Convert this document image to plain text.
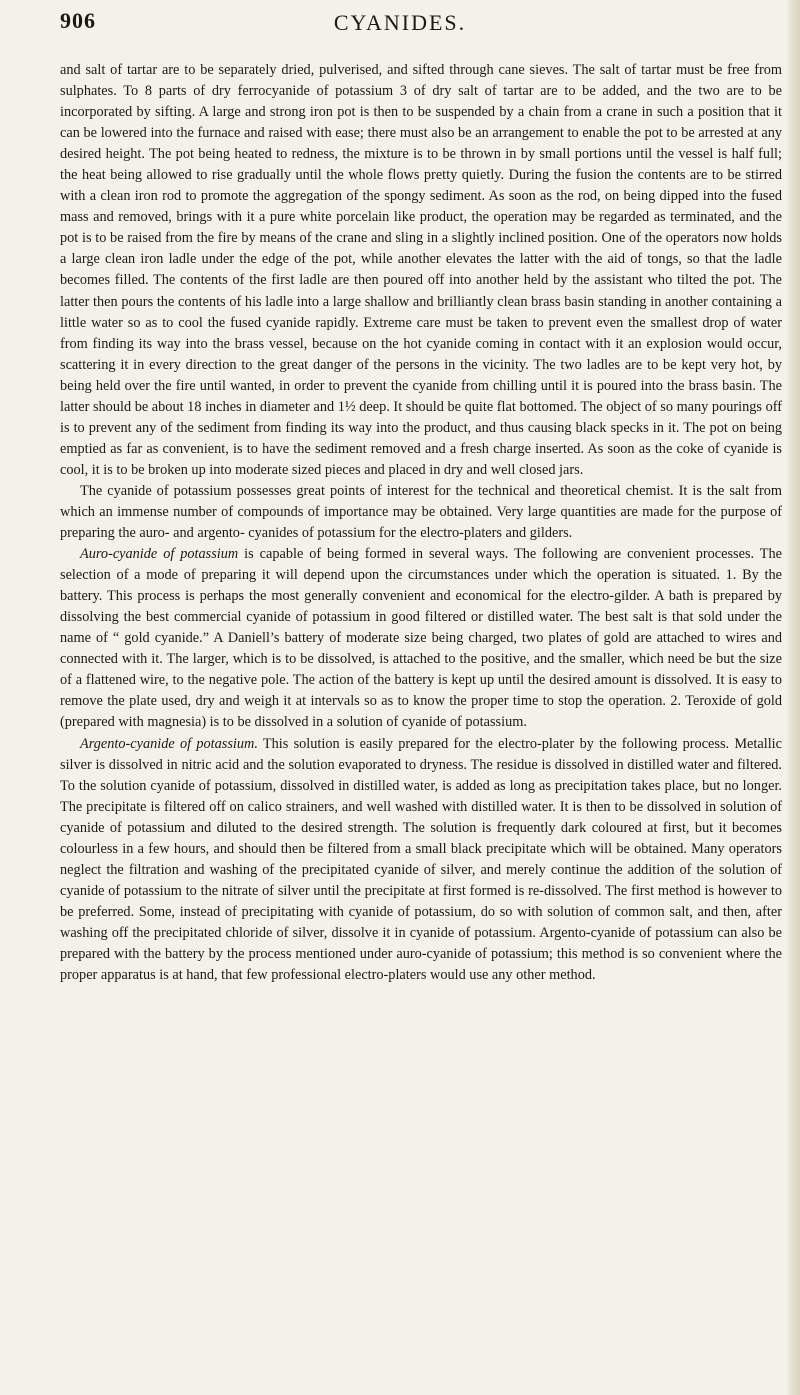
906	CYANIDES.

and salt of tartar are to be separately dried, pulverised, and sifted through cane sieves. The salt of tartar must be free from sulphates. To 8 parts of dry ferrocyanide of potassium 3 of dry salt of tartar are to be added, and the two are to be incorporated by sifting. A large and strong iron pot is then to be suspended by a chain from a crane in such a position that it can be lowered into the furnace and raised with ease; there must also be an arrangement to enable the pot to be arrested at any desired height. The pot being heated to redness, the mixture is to be thrown in by small portions until the vessel is half full; the heat being allowed to rise gradually until the whole flows pretty quietly. During the fusion the contents are to be stirred with a clean iron rod to promote the aggregation of the spongy sediment. As soon as the rod, on being dipped into the fused mass and removed, brings with it a pure white porcelain like product, the operation may be regarded as terminated, and the pot is to be raised from the fire by means of the crane and sling in a slightly inclined position. One of the operators now holds a large clean iron ladle under the edge of the pot, while another elevates the latter with the aid of tongs, so that the ladle becomes filled. The contents of the first ladle are then poured off into another held by the assistant who tilted the pot. The latter then pours the contents of his ladle into a large shallow and brilliantly clean brass basin standing in another containing a little water so as to cool the fused cyanide rapidly. Extreme care must be taken to prevent even the smallest drop of water from finding its way into the brass vessel, because on the hot cyanide coming in contact with it an explosion would occur, scattering it in every direction to the great danger of the persons in the vicinity. The two ladles are to be kept very hot, by being held over the fire until wanted, in order to prevent the cyanide from chilling until it is poured into the brass basin. The latter should be about 18 inches in diameter and 1½ deep. It should be quite flat bottomed. The object of so many pourings off is to prevent any of the sediment from finding its way into the product, and thus causing black specks in it. The pot on being emptied as far as convenient, is to have the sediment removed and a fresh charge inserted. As soon as the coke of cyanide is cool, it is to be broken up into moderate sized pieces and placed in dry and well closed jars.

The cyanide of potassium possesses great points of interest for the technical and theoretical chemist. It is the salt from which an immense number of compounds of importance may be obtained. Very large quantities are made for the purpose of preparing the auro- and argento- cyanides of potassium for the electro-platers and gilders.

Auro-cyanide of potassium is capable of being formed in several ways. The following are convenient processes. The selection of a mode of preparing it will depend upon the circumstances under which the operation is situated. 1. By the battery. This process is perhaps the most generally convenient and economical for the electro-gilder. A bath is prepared by dissolving the best commercial cyanide of potassium in good filtered or distilled water. The best salt is that sold under the name of “ gold cyanide.” A Daniell’s battery of moderate size being charged, two plates of gold are attached to wires and connected with it. The larger, which is to be dissolved, is attached to the positive, and the smaller, which need be but the size of a flattened wire, to the negative pole. The action of the battery is kept up until the desired amount is dissolved. It is easy to remove the plate used, dry and weigh it at intervals so as to know the proper time to stop the operation. 2. Teroxide of gold (prepared with magnesia) is to be dissolved in a solution of cyanide of potassium.

Argento-cyanide of potassium. This solution is easily prepared for the electro-plater by the following process. Metallic silver is dissolved in nitric acid and the solution evaporated to dryness. The residue is dissolved in distilled water and filtered. To the solution cyanide of potassium, dissolved in distilled water, is added as long as precipitation takes place, but no longer. The precipitate is filtered off on calico strainers, and well washed with distilled water. It is then to be dissolved in solution of cyanide of potassium and diluted to the desired strength. The solution is frequently dark coloured at first, but it becomes colourless in a few hours, and should then be filtered from a small black precipitate which will be obtained. Many operators neglect the filtration and washing of the precipitated cyanide of silver, and merely continue the addition of the solution of cyanide of potassium to the nitrate of silver until the precipitate at first formed is re-dissolved. The first method is however to be preferred. Some, instead of precipitating with cyanide of potassium, do so with solution of common salt, and then, after washing off the precipitated chloride of silver, dissolve it in cyanide of potassium. Argento-cyanide of potassium can also be prepared with the battery by the process mentioned under auro-cyanide of potassium; this method is so convenient where the proper apparatus is at hand, that few professional electro-platers would use any other method.
